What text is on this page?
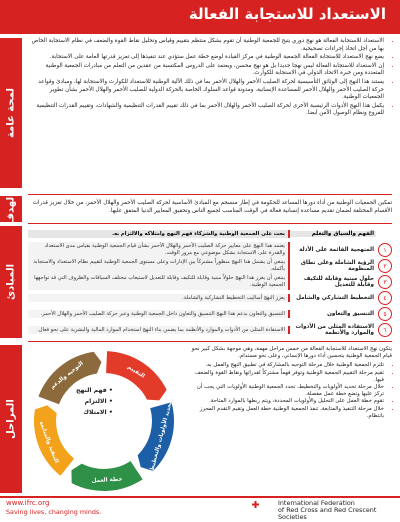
الاستعداد للاستجابة الفعالة
لمحة عامة
الهدف
المبادئ
المراحل
• الاستعداد للاستجابة الفعالة هو نهج دوري يتيح للجمعية الوطنية أن تقوم بشكل منتظم بتقييم وقياس وتحليل نقاط القوة والضعف في نظام الاستجابة الخاص بها من أجل اتخاذ إجراءات تصحيحية.
• يضع نهج الاستعداد للاستجابة الفعالة الجمعية الوطنية في مركز القيادة لوضع خطة عمل ستؤدي عند تنفيذها إلى تعزيز قدرتها العامة على الاستجابة.
• إن الاستعداد للاستجابة الفعالة ليس نهجا جديدا بل هو نهج محسن، ويعتمد على الدروس المكتسبة من عقدين من التعلم من مبادرات الجمعية الوطنية المتعددة ومن خبرة الاتحاد الدولي في الاستجابة للكوارث.
• يستند هذا النهج إلى الوثائق التأسيسية لحركة الصليب الأحمر والهلال الأحمر بما في ذلك الآلية الوطنية للاستعداد للكوارث والاستجابة لها، ومبادئ وقواعد حركة الصليب الأحمر والهلال الأحمر للمساعدة الإنسانية، ومدونة قواعد السلوك الخاصة بالحركة الدولية للصليب الأحمر والهلال الأحمر بشأن تطوير الجمعيات الوطنية.
• يكمل هذا النهج الأدوات الرئيسية الأخرى لحركة الصليب الأحمر والهلال الأحمر بما في ذلك تقييم القدرات التنظيمية والشهادات، وتقييم القدرات التنظيمية للفروع ونظام الوصول الآمن أيضا.
تمكين الجمعيات الوطنية من أداء دورها المساعد للحكومة في إطار منسجم مع المبادئ الأساسية لحركة الصليب الأحمر والهلال الأحمر، من خلال تعزيز قدرات الأقسام المختلفة لضمان تقديم مساعدة إنسانية فعالة في الوقت المناسب لجميع الناس وتحقيق المعايير الدنيا المتفق عليها.
الفهم والسياق والتعلم
بحث على الجمعية الوطنية والشركاء فهم النهج وامتلاكه والالتزام به.
١
المنهجية القائمة على الأدلة
يعتمد هذا النهج على معايير حركة الصليب الأحمر والهلال الأحمر بشأن قيام الجمعية الوطنية بقياس مدى الاستعداد والقدرة على الاستجابة بشكل موضوعي مع مرور الوقت.
٢
الرؤية الشاملة وعلى نطاق المنظومة
ينبغي أن يشمل هذا النهج منظوراً مشتركاً بين الإدارات وعلى مستوى الجمعية الوطنية لتقييم نظام الاستعداد والاستجابة بأكمله.
٣
حلول مبنية وقابلة للتكيف وقابلة للتعديل
ينبغي أن يعزز هذا النهج حلولاً مبنية وقابلة للتكيف وقابلة للتعديل لاستيعاب مختلف السياقات والظروف التي قد تواجهها الجمعية الوطنية.
٤
التخطيط التشاركي والشامل
يعزز النهج أساليب التخطيط التشاركية والشاملة.
٥
التنسيق والتعاون
التنسيق والتعاون بدعم هذا النهج التنسيق والتعاون داخل الجمعية الوطنية وعبر حركة الصليب الأحمر والهلال الأحمر.
٦
الاستفادة المثلى من الأدوات والموارد والأنظمة
الاستفادة المثلى من الأدوات والموارد والأنظمة بما يضمن بناء النهج استخدام الموارد المالية والبشرية على نحو فعال.
التقييم
تحديد الأولويات والتخطيط
خطة العمل
التنفيذ والمتابعة
التوجيه والدعم	• فهم النهج
• الالتزام
• الامتلاك

يتكون نهج الاستعداد للاستجابة الفعالة من خمس مراحل مهمة، وهي موجهة بشكل كبير نحو قيام الجمعية الوطنية بتحسين أداء دورها الإنساني، وعلى نحو مستدام.

• تلتزم الجمعية الوطنية خلال مرحلة التوجيه بالمشاركة في تطبيق النهج والعمل به.
• تقيم مرحلة التقييم الجمعية الوطنية وتوفر فهماً مشتركاً لقدراتها ونقاط القوة والضعف فيها.
• خلال مرحلة تحديد الأولويات والتخطيط، تحدد الجمعية الوطنية الأولويات التي يجب أن تركز عليها وتضع خطة عمل مفصلة.
• تقوم خطة العمل على التحليل والأولويات المحددة، ويتم ربطها بالموارد المتاحة.
• خلال مرحلة التنفيذ والمتابعة، تنفذ الجمعية الوطنية خطة العمل وتقيم التقدم المحرز بانتظام.
www.ifrc.org
Saving lives, changing minds.
International Federation
of Red Cross and Red Crescent Societies
